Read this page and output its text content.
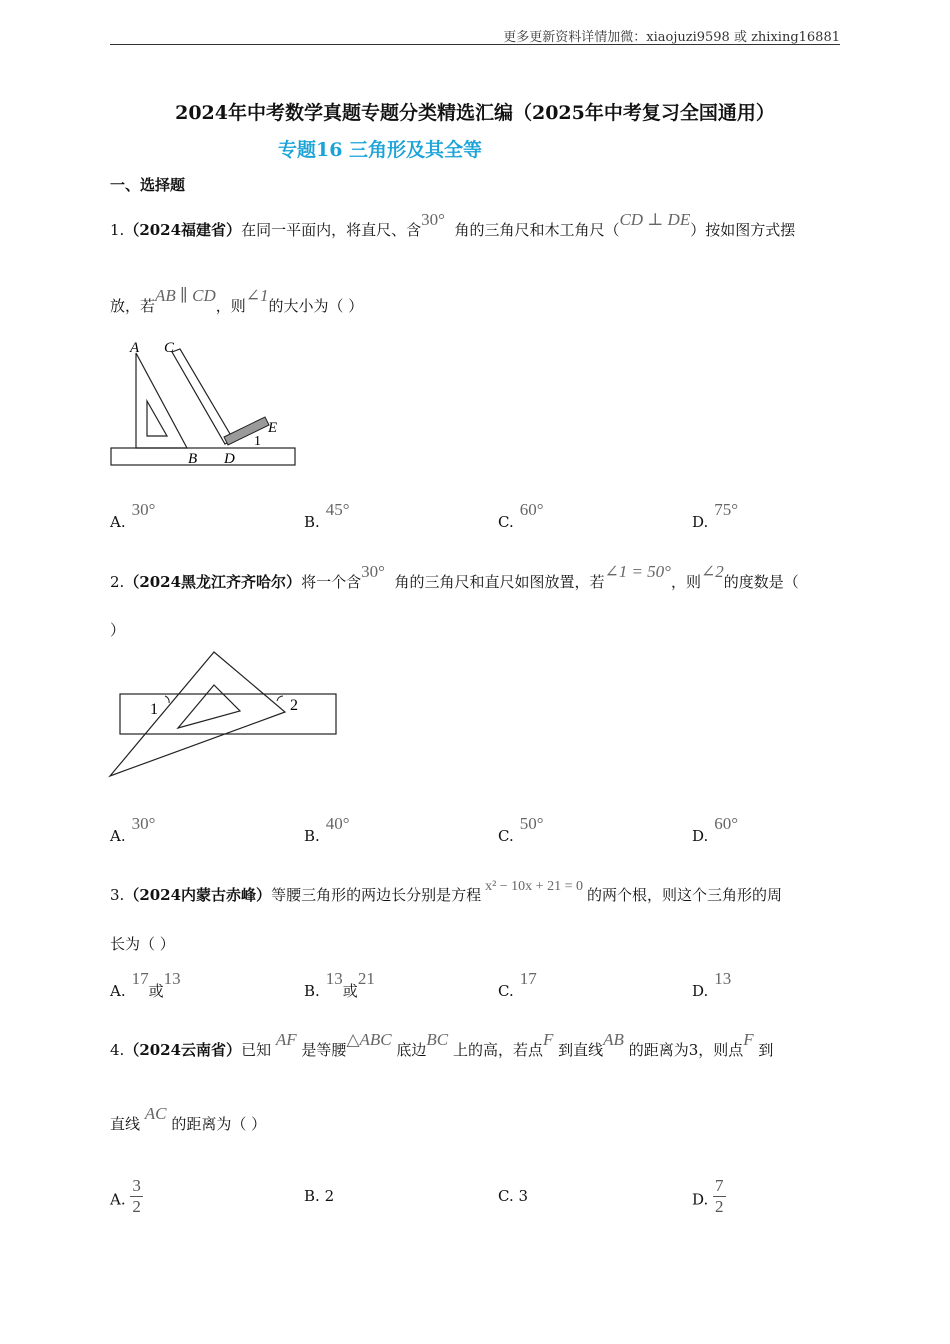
更多更新资料详情加微：xiaojuzi9598 或 zhixing16881
2024年中考数学真题专题分类精选汇编（2025年中考复习全国通用）
专题16 三角形及其全等
一、选择题
1.（2024福建省）在同一平面内，将直尺、含30°  角的三角尺和木工角尺（CD ⊥ DE）按如图方式摆
放，若AB ∥ CD，则∠1的大小为（ ）
A C
B D
E
1
A.30°
B.45°
C.60°
D.75°
2.（2024黑龙江齐齐哈尔）将一个含30°  角的三角尺和直尺如图放置，若∠1 = 50°，则∠2的度数是（
）
1	2
A.30°
B.40°
C.50°
D.60°
3.（2024内蒙古赤峰）等腰三角形的两边长分别是方程 x² − 10x + 21 = 0 的两个根，则这个三角形的周
长为（ ）
A.17或13
B.13或21
C.17
D.13
4.（2024云南省）已知 AF 是等腰△ABC 底边BC 上的高，若点F 到直线AB 的距离为3，则点F 到
直线 AC 的距离为（ ）
A. $\frac{3}{2}$	B. 2	C. 3	D. $\frac{7}{2}$
